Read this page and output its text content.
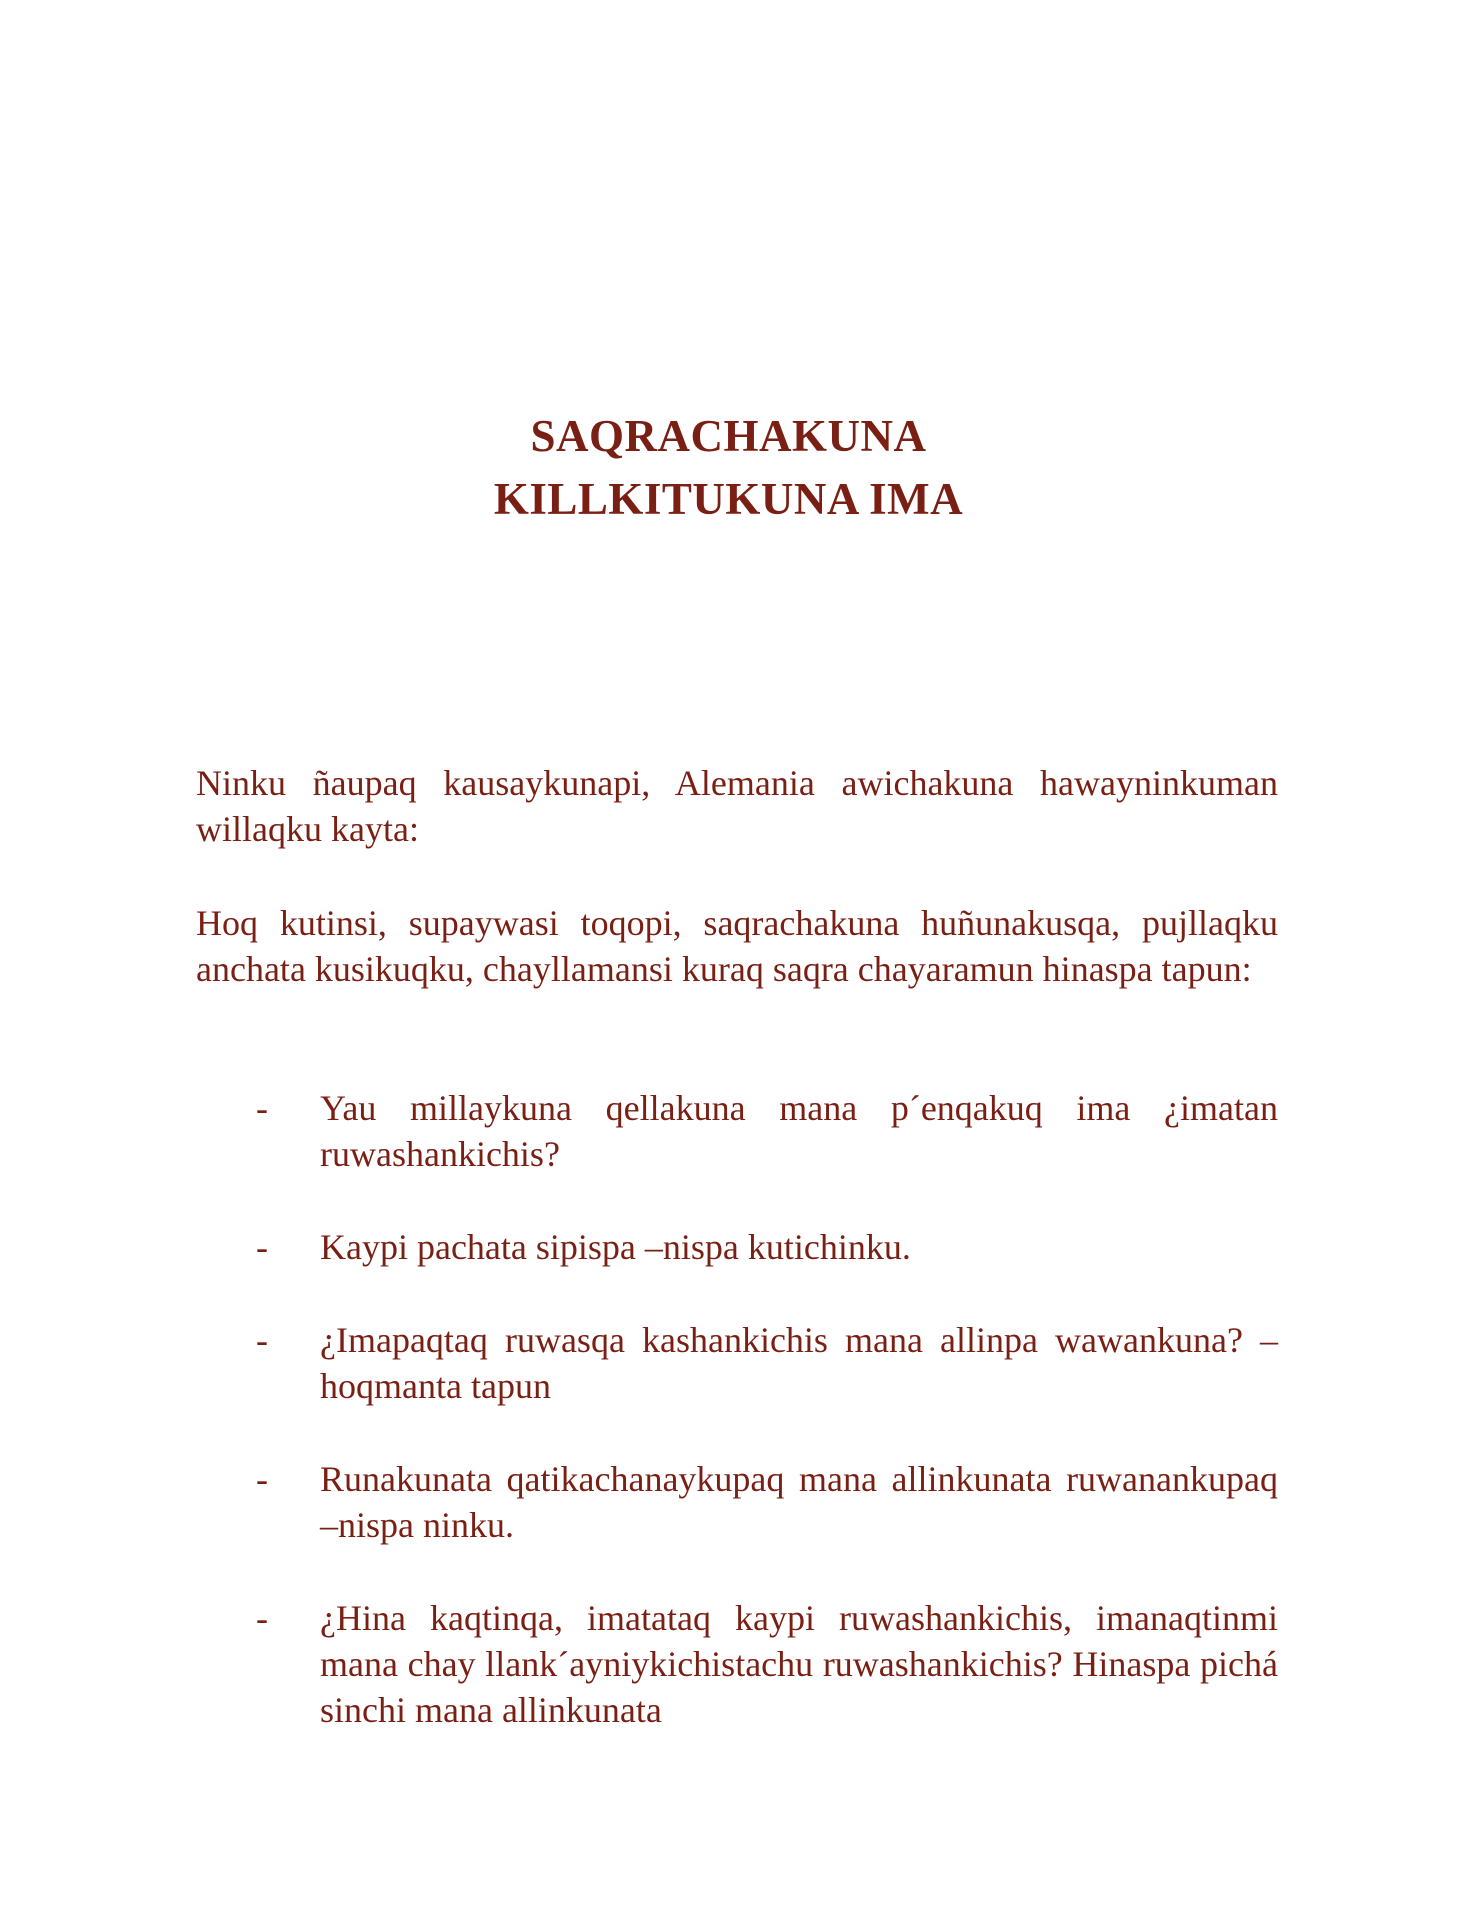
SAQRACHAKUNA
KILLKITUKUNA IMA

Ninku ñaupaq kausaykunapi, Alemania awichakuna hawayninkuman willaqku kayta:

Hoq kutinsi, supaywasi toqopi, saqrachakuna huñunakusqa, pujllaqku anchata kusikuqku, chayllamansi kuraq saqra chayaramun hinaspa tapun:

- Yau millaykuna qellakuna mana p´enqakuq ima ¿imatan ruwashankichis?
- Kaypi pachata sipispa –nispa kutichinku.
- ¿Imapaqtaq ruwasqa kashankichis mana allinpa wawankuna? –hoqmanta tapun
- Runakunata qatikachanaykupaq mana allinkunata ruwanankupaq –nispa ninku.
- ¿Hina kaqtinqa, imatataq kaypi ruwashankichis, imanaqtinmi mana chay llank´ayniykichistachu ruwashankichis? Hinaspa pichá sinchi mana allinkunata
